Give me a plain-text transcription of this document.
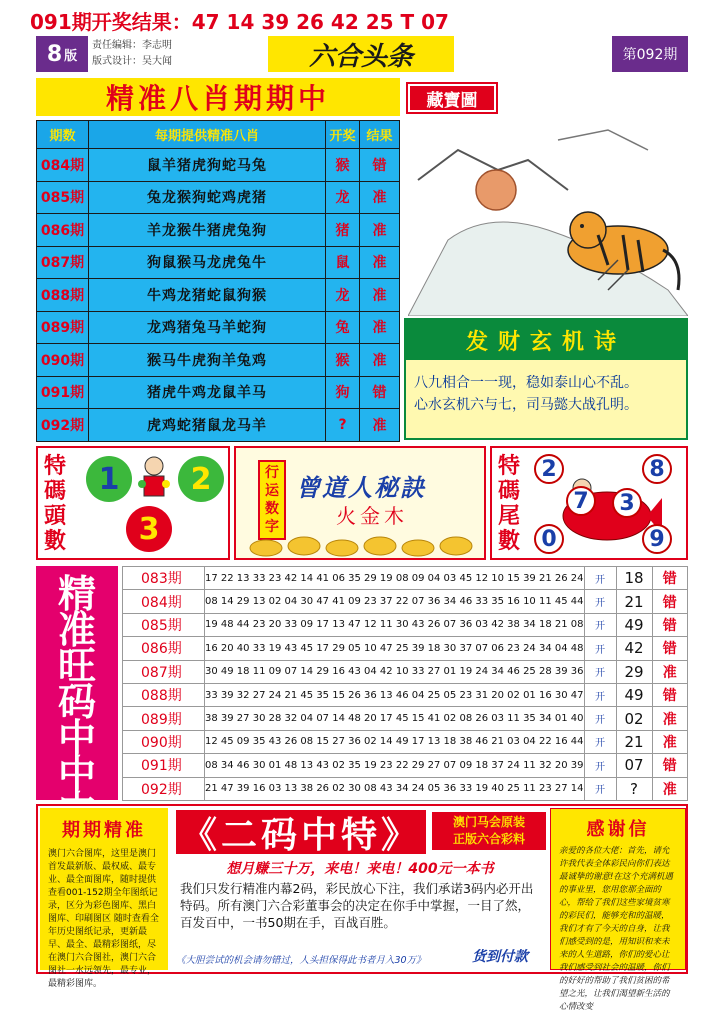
091期开奖结果：47 14 39 26 42 25 T 07
8 版
责任编辑：李志明
版式设计：吴大闻	六合头条	第092期
精准八肖期期中	藏寶圖
期数	每期提供精准八肖	开奖	结果
084期	鼠羊猪虎狗蛇马兔	猴	错
085期	兔龙猴狗蛇鸡虎猪	龙	准
086期	羊龙猴牛猪虎兔狗	猪	准
087期	狗鼠猴马龙虎兔牛	鼠	准
088期	牛鸡龙猪蛇鼠狗猴	龙	准
089期	龙鸡猪兔马羊蛇狗	兔	准
090期	猴马牛虎狗羊兔鸡	猴	准
091期	猪虎牛鸡龙鼠羊马	狗	错
092期	虎鸡蛇猪鼠龙马羊	?	准
发财玄机诗
八九相合一一现，稳如泰山心不乱。
心水玄机六与七，司马懿大战孔明。
特
碼
頭
數
1	2
3
行
运
数
字
曾道人秘訣
火金木
特
碼
尾
數
2	8
7	3
0	9
精
准
旺
码
中
中
083期	17 22 13 33 23 42 14 41 06 35 29 19 08 09 04 03 45 12 10 15 39 21 26 24	开	18	错
084期	08 14 29 13 02 04 30 47 41 09 23 37 22 07 36 34 46 33 35 16 10 11 45 44	开	21	错
085期	19 48 44 23 20 33 09 17 13 47 12 11 30 43 26 07 36 03 42 38 34 18 21 08	开	49	错
086期	16 20 40 33 19 43 45 17 29 05 10 47 25 39 18 30 37 07 06 23 24 34 04 48	开	42	错
087期	30 49 18 11 09 07 14 29 16 43 04 42 10 33 27 01 19 24 34 46 25 28 39 36	开	29	准
088期	33 39 32 27 24 21 45 35 15 26 36 13 46 04 25 05 23 31 20 02 01 16 30 47	开	49	错
089期	38 39 27 30 28 32 04 07 14 48 20 17 45 15 41 02 08 26 03 11 35 34 01 40	开	02	准
090期	12 45 09 35 43 26 08 15 27 36 02 14 49 17 13 18 38 46 21 03 04 22 16 44	开	21	准
091期	08 34 46 30 01 48 13 43 02 35 19 23 22 29 27 07 09 18 37 24 11 32 20 39	开	07	错
092期	21 47 39 16 03 13 38 26 02 30 08 43 34 24 05 36 33 19 40 25 11 23 27 14	开	?	准
期期精准
澳门六合图库，这里是澳门首发最新版、最权威、最专业、最全面图库，随时提供查看001-152期全年图纸记录，区分为彩色图库、黑白图库、印刷图区 随时查看全年历史图纸记录，更新最早、最全、最精彩图纸，尽在澳门六合图社，澳门六合图社一水远领先，最专业，最精彩图库。
《二码中特》	澳门马会原装
正版六合彩料
想月赚三十万，来电！来电！400元一本书
我们只发行精准内幕2码，彩民放心下注，我们承诺3码内必开出特码。所有澳门六合彩董事会的决定在你手中掌握，一目了然，百发百中，一书50期在手，百战百胜。
《大胆尝试的机会请勿错过，人头担保得此书者月入30万》	货到付款
感谢信
亲爱的各位大佬：首先，请允许我代表全体彩民向你们表达最诚挚的谢意!在这个充满机遇的事业里，您用您那全面的心，帮给了我们这些家境贫寒的彩民们，能够充和的温暖，我们才有了今天的自身，让我们感受到的是，用知识和来未来的人生道路，你们的爱心让我们感受到社会的温暖，你们的好好的帮助了我们贫困的希望之光，让我们渴望新生活的心情改变
